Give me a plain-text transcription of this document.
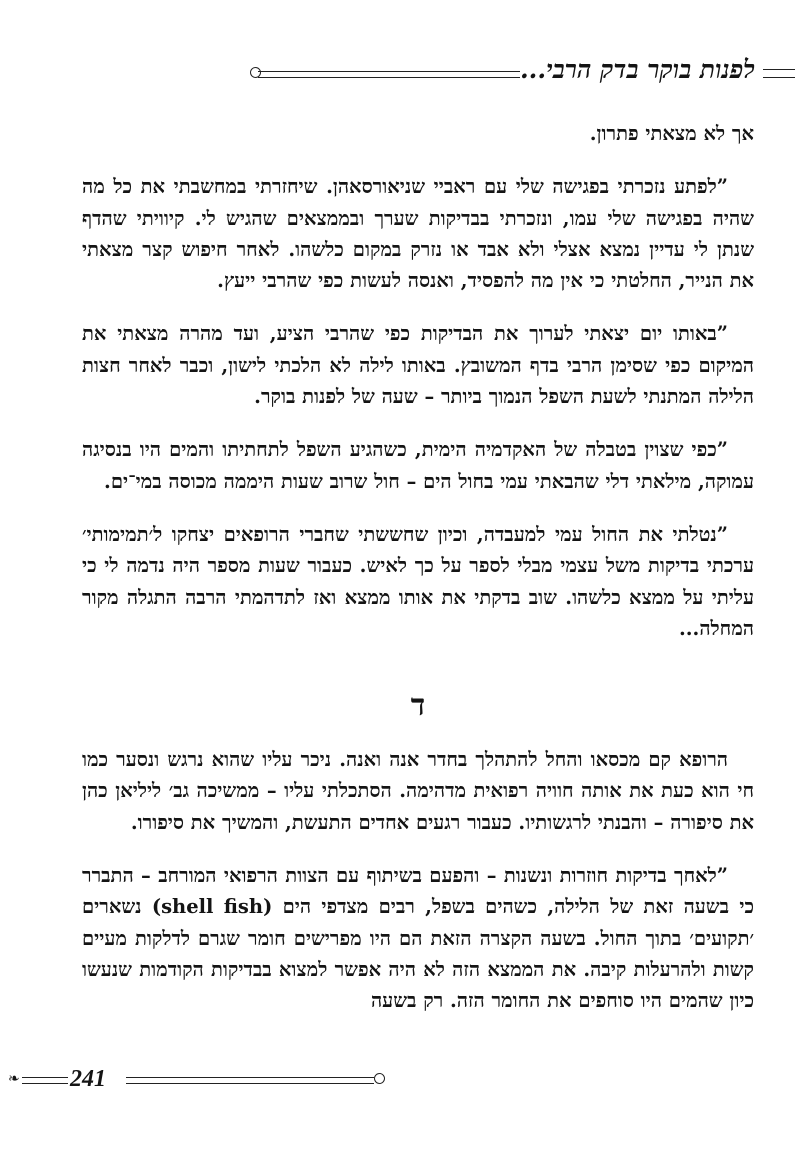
לפנות בוקר בדק הרבי...

אך לא מצאתי פתרון.

”לפתע נזכרתי בפגישה שלי עם ראביי שניאורסאהן. שיחזרתי במחשבתי את כל מה שהיה בפגישה שלי עמו, ונזכרתי בבדיקות שערך ובממצאים שהגיש לי. קיוויתי שהדף שנתן לי עדיין נמצא אצלי ולא אבד או נזרק במקום כלשהו. לאחר חיפוש קצר מצאתי את הנייר, החלטתי כי אין מה להפסיד, ואנסה לעשות כפי שהרבי ייעץ.

”באותו יום יצאתי לערוך את הבדיקות כפי שהרבי הציע, ועד מהרה מצאתי את המיקום כפי שסימן הרבי בדף המשובץ. באותו לילה לא הלכתי לישון, וכבר לאחר חצות הלילה המתנתי לשעת השפל הנמוך ביותר – שעה של לפנות בוקר.

”כפי שצוין בטבלה של האקדמיה הימית, כשהגיע השפל לתחתיתו והמים היו בנסיגה עמוקה, מילאתי דלי שהבאתי עמי בחול הים – חול שרוב שעות היממה מכוסה במי־ים.

”נטלתי את החול עמי למעבדה, וכיון שחששתי שחברי הרופאים יצחקו ל׳תמימותי׳ ערכתי בדיקות משל עצמי מבלי לספר על כך לאיש. כעבור שעות מספר היה נדמה לי כי עליתי על ממצא כלשהו. שוב בדקתי את אותו ממצא ואז לתדהמתי הרבה התגלה מקור המחלה...

ד

הרופא קם מכסאו והחל להתהלך בחדר אנה ואנה. ניכר עליו שהוא נרגש ונסער כמו חי הוא כעת את אותה חוויה רפואית מדהימה. הסתכלתי עליו – ממשיכה גב׳ ליליאן כהן את סיפורה – והבנתי לרגשותיו. כעבור רגעים אחדים התעשת, והמשיך את סיפורו.

”לאחך בדיקות חוזרות ונשנות – והפעם בשיתוף עם הצוות הרפואי המורחב – התברר כי בשעה זאת של הלילה, כשהים בשפל, רבים מצדפי הים (shell fish) נשארים ׳תקועים׳ בתוך החול. בשעה הקצרה הזאת הם היו מפרישים חומר שגרם לדלקות מעיים קשות ולהרעלות קיבה. את הממצא הזה לא היה אפשר למצוא בבדיקות הקודמות שנעשו כיון שהמים היו סוחפים את החומר הזה. רק בשעה

❧ 241
